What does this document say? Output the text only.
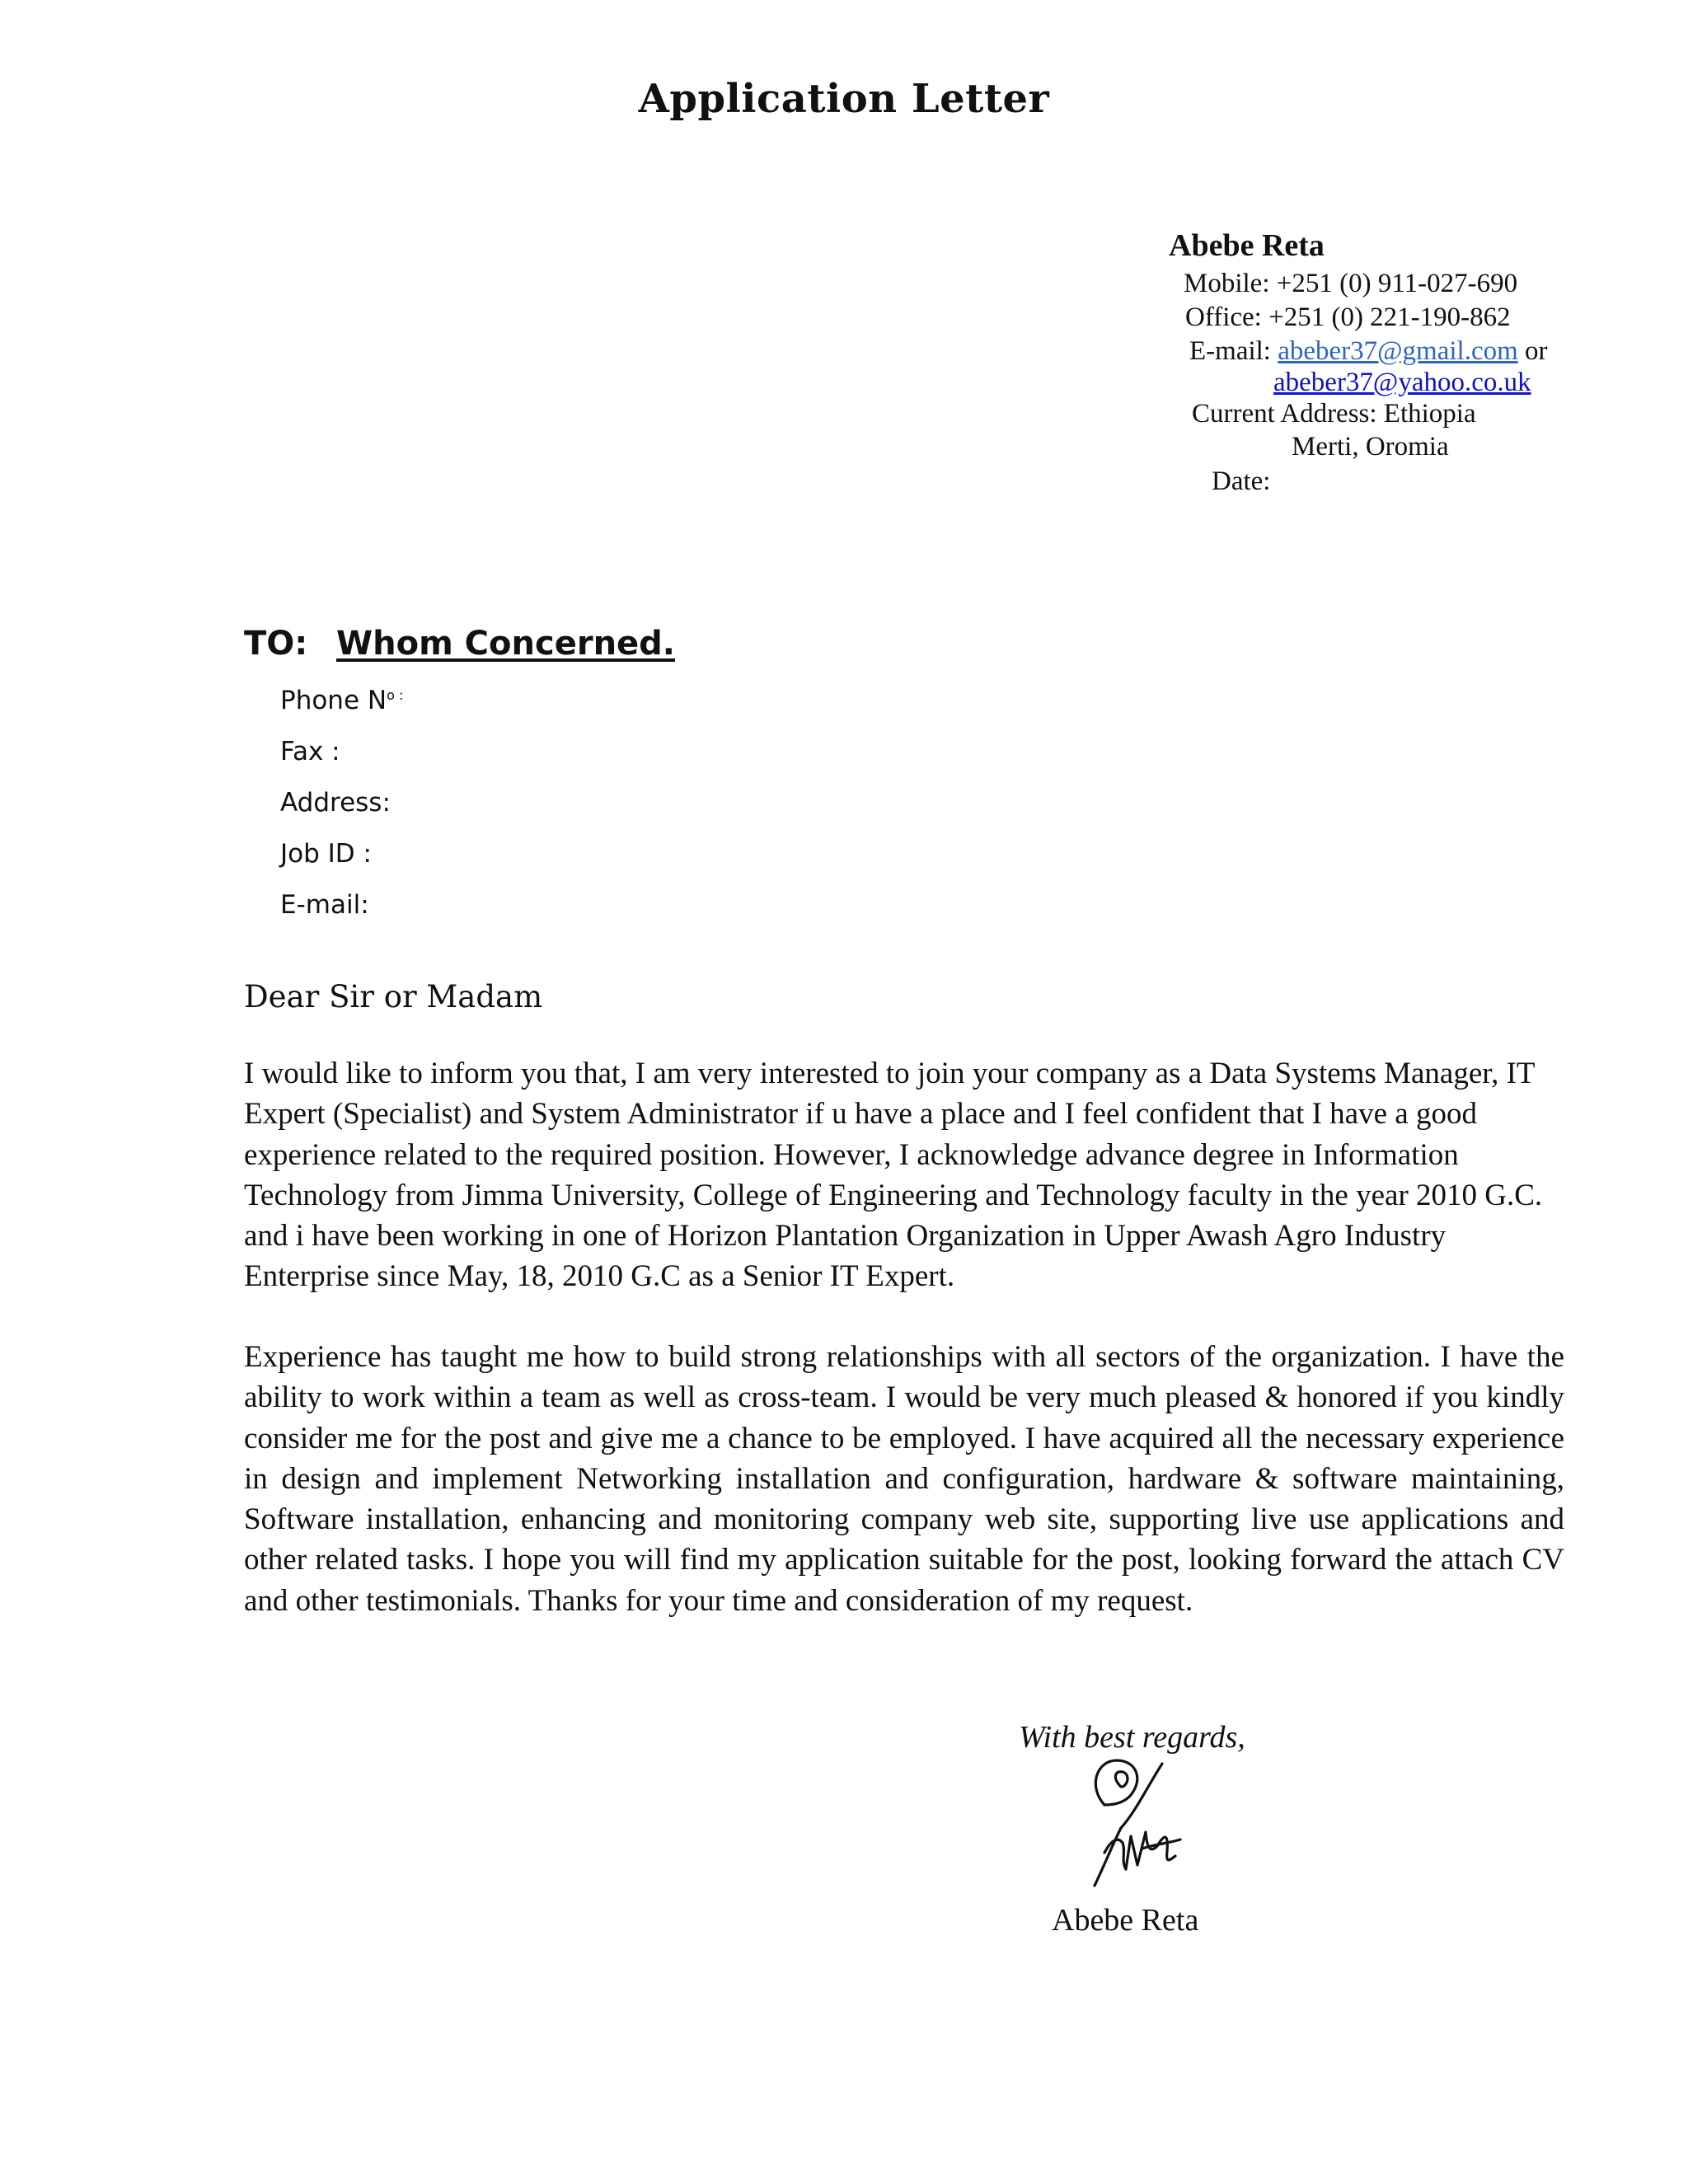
Application Letter
Abebe Reta
Mobile: +251 (0) 911-027-690
Office: +251 (0) 221-190-862
E-mail: abeber37@gmail.com or
abeber37@yahoo.co.uk
Current Address: Ethiopia
Merti, Oromia
Date:
TO: Whom Concerned.
Phone $N^{o :}$
Fax :
Address:
Job ID :
E-mail:
Dear Sir or Madam
I would like to inform you that, I am very interested to join your company as a Data Systems Manager, IT Expert (Specialist) and System Administrator if u have a place and I feel confident that I have a good experience related to the required position. However, I acknowledge advance degree in Information Technology from Jimma University, College of Engineering and Technology faculty in the year 2010 G.C. and i have been working in one of Horizon Plantation Organization in Upper Awash Agro Industry Enterprise since May, 18, 2010 G.C as a Senior IT Expert.
Experience has taught me how to build strong relationships with all sectors of the organization. I have the ability to work within a team as well as cross-team. I would be very much pleased & honored if you kindly consider me for the post and give me a chance to be employed. I have acquired all the necessary experience in design and implement Networking installation and configuration, hardware & software maintaining, Software installation, enhancing and monitoring company web site, supporting live use applications and other related tasks. I hope you will find my application suitable for the post, looking forward the attach CV and other testimonials. Thanks for your time and consideration of my request.
With best regards,
Abebe Reta
